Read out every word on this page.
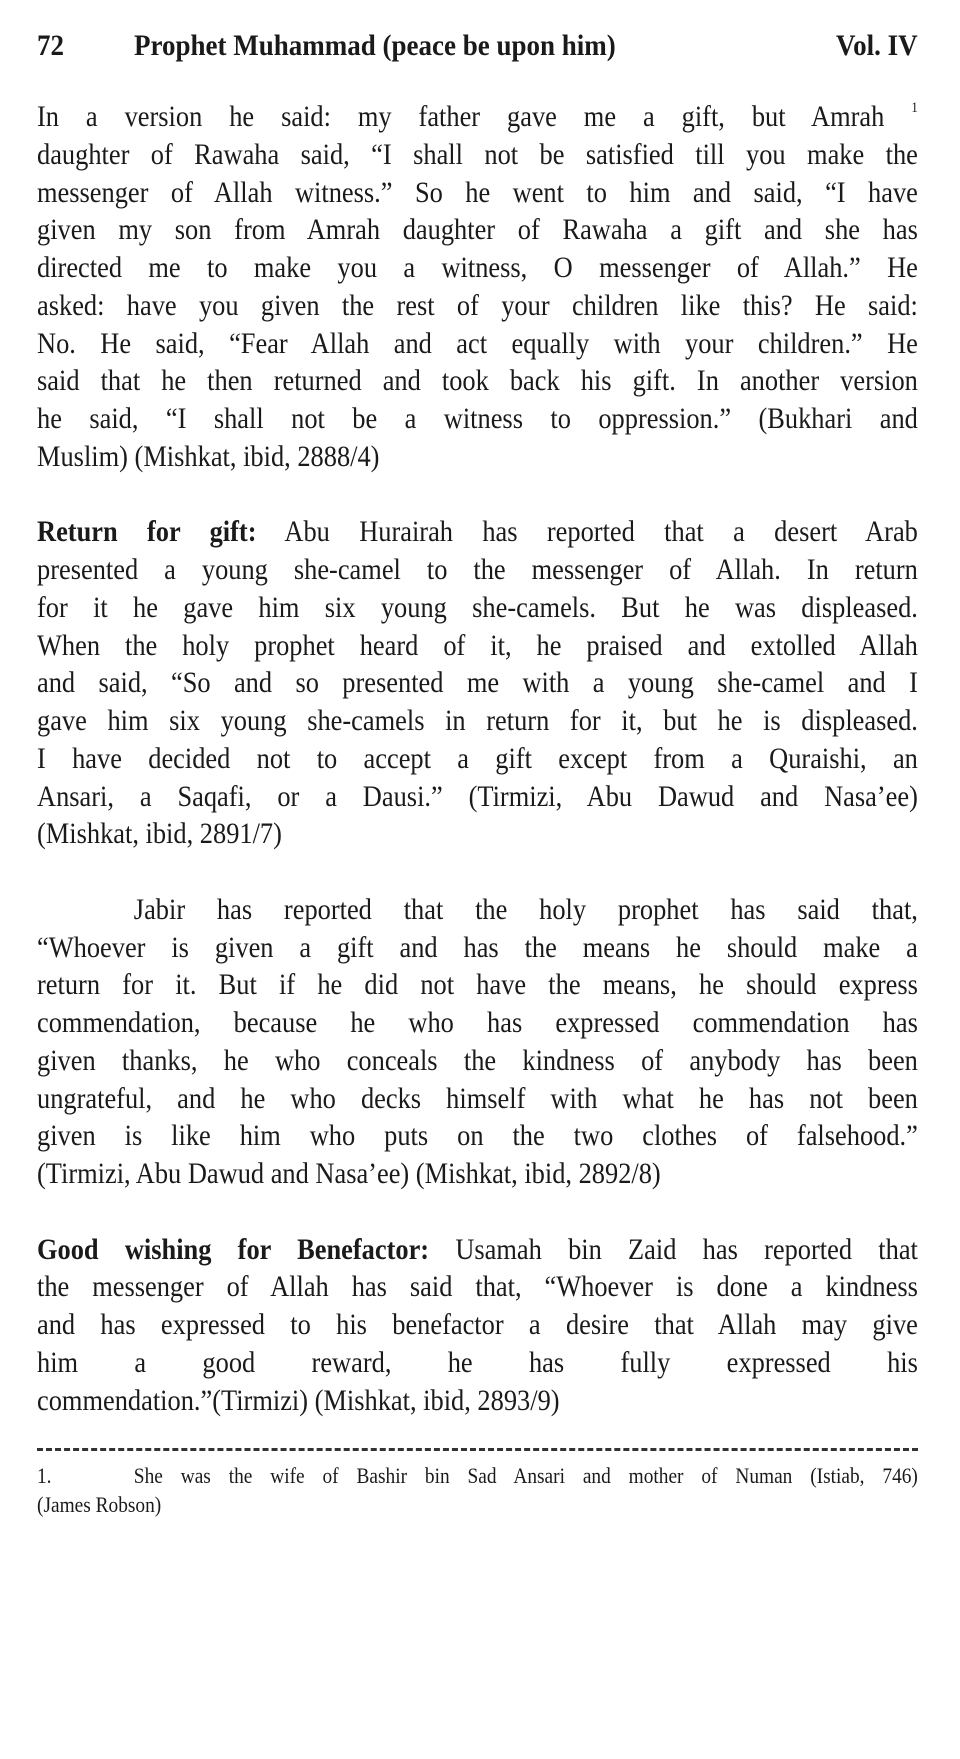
72 Prophet Muhammad (peace be upon him)	Vol. IV
In a version he said: my father gave me a gift, but Amrah $^1$
daughter of Rawaha said, “I shall not be satisfied till you make the
messenger of Allah witness.” So he went to him and said, “I have
given my son from Amrah daughter of Rawaha a gift and she has
directed me to make you a witness, O messenger of Allah.” He
asked: have you given the rest of your children like this? He said:
No. He said, “Fear Allah and act equally with your children.” He
said that he then returned and took back his gift. In another version
he said, “I shall not be a witness to oppression.” (Bukhari and
Muslim) (Mishkat, ibid, 2888/4)
Return for gift: Abu Hurairah has reported that a desert Arab
presented a young she-camel to the messenger of Allah. In return
for it he gave him six young she-camels. But he was displeased.
When the holy prophet heard of it, he praised and extolled Allah
and said, “So and so presented me with a young she-camel and I
gave him six young she-camels in return for it, but he is displeased.
I have decided not to accept a gift except from a Quraishi, an
Ansari, a Saqafi, or a Dausi.” (Tirmizi, Abu Dawud and Nasa’ee)
(Mishkat, ibid, 2891/7)
Jabir has reported that the holy prophet has said that,
“Whoever is given a gift and has the means he should make a
return for it. But if he did not have the means, he should express
commendation, because he who has expressed commendation has
given thanks, he who conceals the kindness of anybody has been
ungrateful, and he who decks himself with what he has not been
given is like him who puts on the two clothes of falsehood.”
(Tirmizi, Abu Dawud and Nasa’ee) (Mishkat, ibid, 2892/8)
Good wishing for Benefactor: Usamah bin Zaid has reported that
the messenger of Allah has said that, “Whoever is done a kindness
and has expressed to his benefactor a desire that Allah may give
him a good reward, he has fully expressed his
commendation.”(Tirmizi) (Mishkat, ibid, 2893/9)
1.	She was the wife of Bashir bin Sad Ansari and mother of Numan (Istiab, 746)
(James Robson)
